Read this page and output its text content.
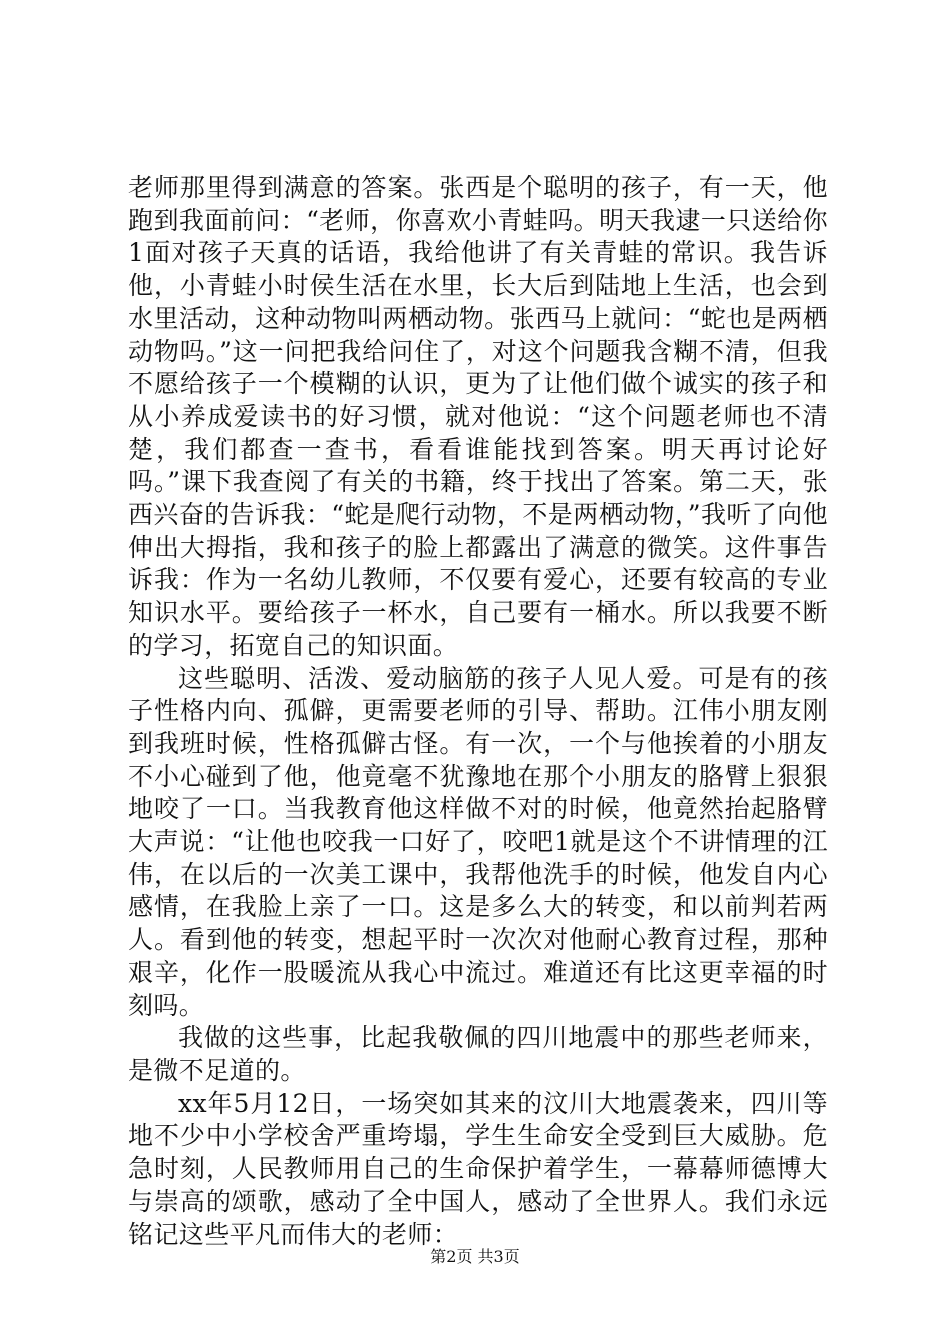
老师那里得到满意的答案。张西是个聪明的孩子，有一天，他跑到我面前问：“老师，你喜欢小青蛙吗。明天我逮一只送给你1面对孩子天真的话语，我给他讲了有关青蛙的常识。我告诉他，小青蛙小时侯生活在水里，长大后到陆地上生活，也会到水里活动，这种动物叫两栖动物。张西马上就问：“蛇也是两栖动物吗。”这一问把我给问住了，对这个问题我含糊不清，但我不愿给孩子一个模糊的认识，更为了让他们做个诚实的孩子和从小养成爱读书的好习惯，就对他说：“这个问题老师也不清楚，我们都查一查书，看看谁能找到答案。明天再讨论好吗。”课下我查阅了有关的书籍，终于找出了答案。第二天，张西兴奋的告诉我：“蛇是爬行动物，不是两栖动物，”我听了向他伸出大拇指，我和孩子的脸上都露出了满意的微笑。这件事告诉我：作为一名幼儿教师，不仅要有爱心，还要有较高的专业知识水平。要给孩子一杯水，自己要有一桶水。所以我要不断的学习，拓宽自己的知识面。

这些聪明、活泼、爱动脑筋的孩子人见人爱。可是有的孩子性格内向、孤僻，更需要老师的引导、帮助。江伟小朋友刚到我班时候，性格孤僻古怪。有一次，一个与他挨着的小朋友不小心碰到了他，他竟毫不犹豫地在那个小朋友的胳臂上狠狠地咬了一口。当我教育他这样做不对的时候，他竟然抬起胳臂大声说：“让他也咬我一口好了，咬吧1就是这个不讲情理的江伟，在以后的一次美工课中，我帮他洗手的时候，他发自内心感情，在我脸上亲了一口。这是多么大的转变，和以前判若两人。看到他的转变，想起平时一次次对他耐心教育过程，那种艰辛，化作一股暖流从我心中流过。难道还有比这更幸福的时刻吗。

我做的这些事，比起我敬佩的四川地震中的那些老师来，是微不足道的。

xx年5月12日，一场突如其来的汶川大地震袭来，四川等地不少中小学校舍严重垮塌，学生生命安全受到巨大威胁。危急时刻，人民教师用自己的生命保护着学生，一幕幕师德博大与崇高的颂歌，感动了全中国人，感动了全世界人。我们永远铭记这些平凡而伟大的老师：

第2页 共3页
